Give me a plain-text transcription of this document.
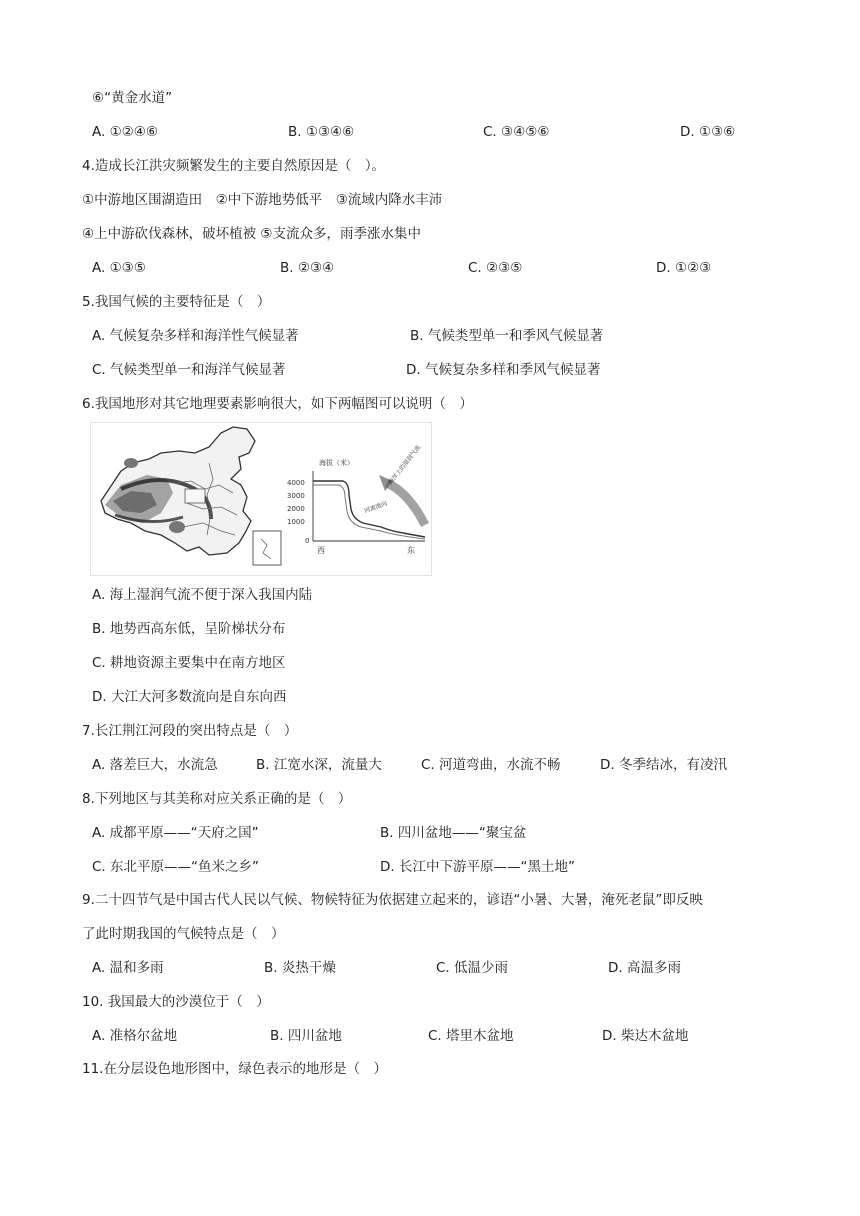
⑥“黄金水道”
A. ①②④⑥	B. ①③④⑥	C. ③④⑤⑥	D. ①③⑥
4.造成长江洪灾频繁发生的主要自然原因是（　）。
①中游地区围湖造田　②中下游地势低平　③流域内降水丰沛
④上中游砍伐森林，破坏植被 ⑤支流众多，雨季涨水集中
A. ①③⑤	B. ②③④	C. ②③⑤	D. ①②③
5.我国气候的主要特征是（　）
A. 气候复杂多样和海洋性气候显著	B. 气候类型单一和季风气候显著
C. 气候类型单一和海洋气候显著	D. 气候复杂多样和季风气候显著
6.我国地形对其它地理要素影响很大，如下两幅图可以说明（　）
海拔（米）
4000
3000
2000
1000
0
西	东
海洋上的湿润气流
河流流向
A. 海上湿润气流不便于深入我国内陆
B. 地势西高东低，呈阶梯状分布
C. 耕地资源主要集中在南方地区
D. 大江大河多数流向是自东向西
7.长江荆江河段的突出特点是（　）
A. 落差巨大，水流急	B. 江宽水深，流量大	C. 河道弯曲，水流不畅	D. 冬季结冰，有凌汛
8.下列地区与其美称对应关系正确的是（　）
A. 成都平原——“天府之国”	B. 四川盆地——“聚宝盆
C. 东北平原——“鱼米之乡”	D. 长江中下游平原——“黑土地”
9.二十四节气是中国古代人民以气候、物候特征为依据建立起来的，谚语“小暑、大暑，淹死老鼠”即反映
了此时期我国的气候特点是（　）
A. 温和多雨	B. 炎热干燥	C. 低温少雨	D. 高温多雨
10. 我国最大的沙漠位于（　）
A. 准格尔盆地	B. 四川盆地	C. 塔里木盆地	D. 柴达木盆地
11.在分层设色地形图中，绿色表示的地形是（　）
